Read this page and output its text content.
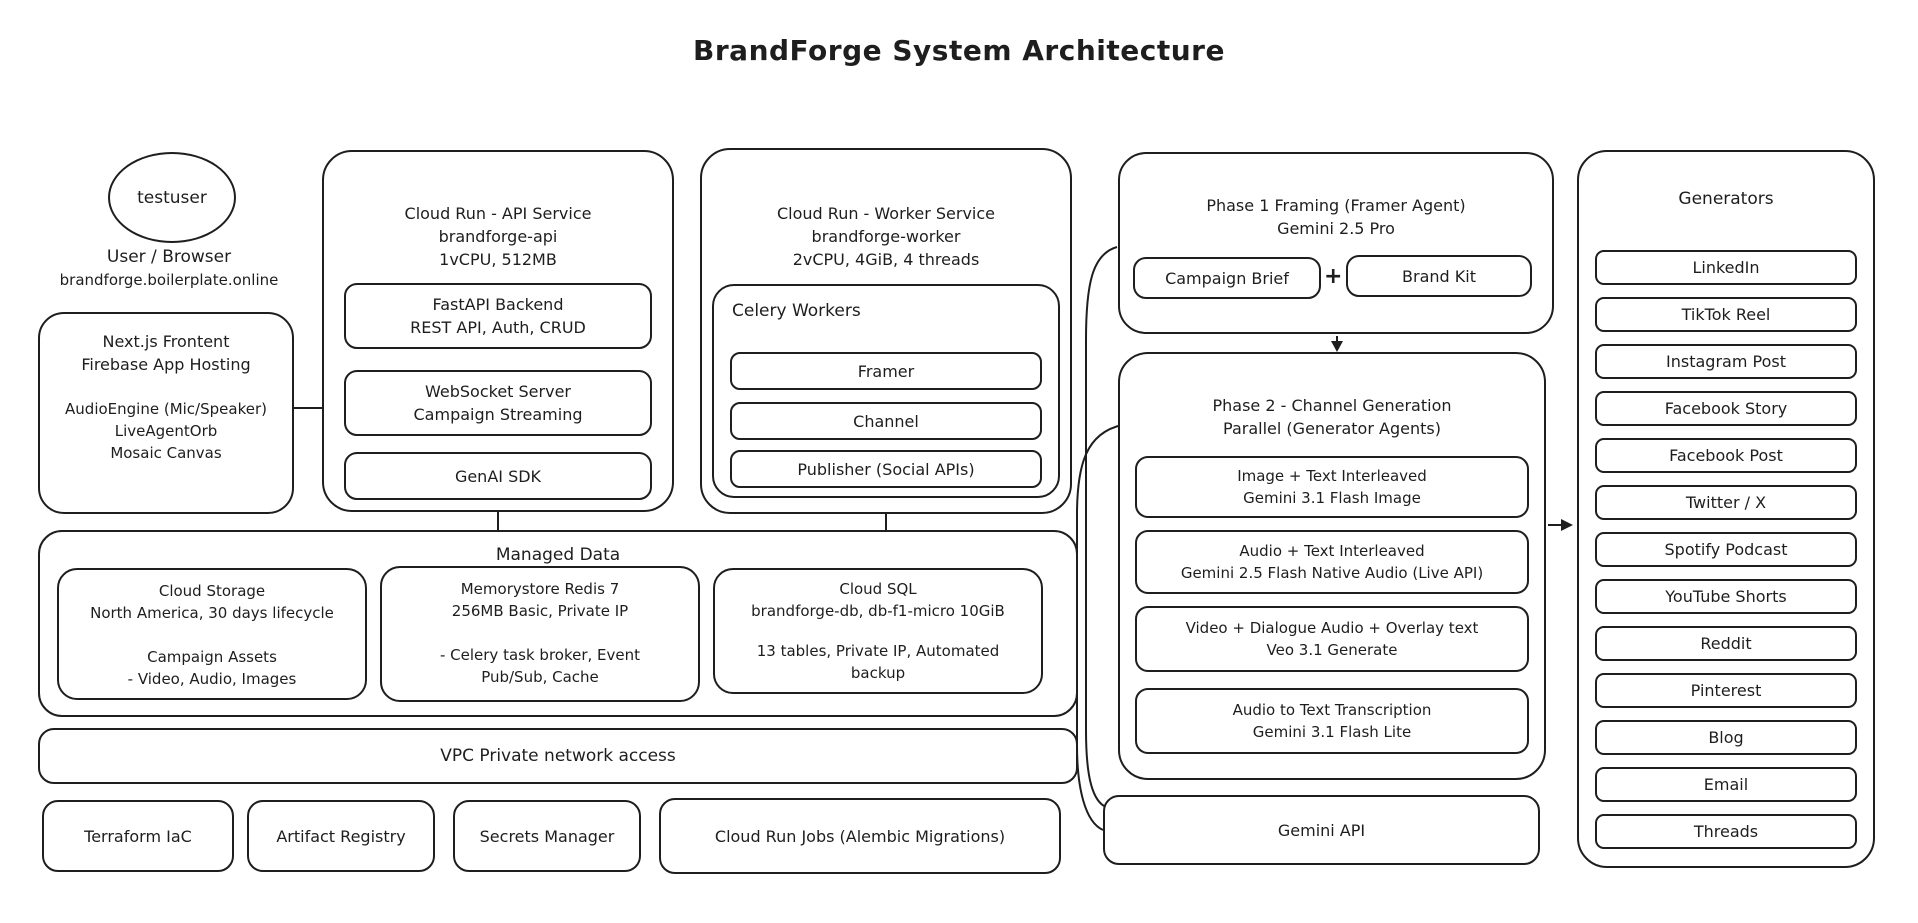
BrandForge System Architecture
testuser
User / Browser
brandforge.boilerplate.online
Next.js Frontent
Firebase App Hosting
AudioEngine (Mic/Speaker)
LiveAgentOrb
Mosaic Canvas
Cloud Run - API Service
brandforge-api
1vCPU, 512MB
FastAPI Backend
REST API, Auth, CRUD
WebSocket Server
Campaign Streaming
GenAI SDK
Cloud Run - Worker Service
brandforge-worker
2vCPU, 4GiB, 4 threads
Celery Workers
Framer
Channel
Publisher (Social APIs)
Phase 1 Framing (Framer Agent)
Gemini 2.5 Pro
Campaign Brief +	Brand Kit
Phase 2 - Channel Generation
Parallel (Generator Agents)
Image + Text Interleaved
Gemini 3.1 Flash Image
Audio + Text Interleaved
Gemini 2.5 Flash Native Audio (Live API)
Video + Dialogue Audio + Overlay text
Veo 3.1 Generate
Audio to Text Transcription
Gemini 3.1 Flash Lite
Generators
LinkedIn
TikTok Reel
Instagram Post
Facebook Story
Facebook Post
Twitter / X
Spotify Podcast
YouTube Shorts
Reddit
Pinterest
Blog
Email
Threads
Managed Data
Cloud Storage
North America, 30 days lifecycle
Campaign Assets
- Video, Audio, Images
Memorystore Redis 7
256MB Basic, Private IP
- Celery task broker, Event
Pub/Sub, Cache
Cloud SQL
brandforge-db, db-f1-micro 10GiB
13 tables, Private IP, Automated
backup
VPC Private network access
Terraform IaC	Artifact Registry	Secrets Manager	Cloud Run Jobs (Alembic Migrations)	Gemini API
